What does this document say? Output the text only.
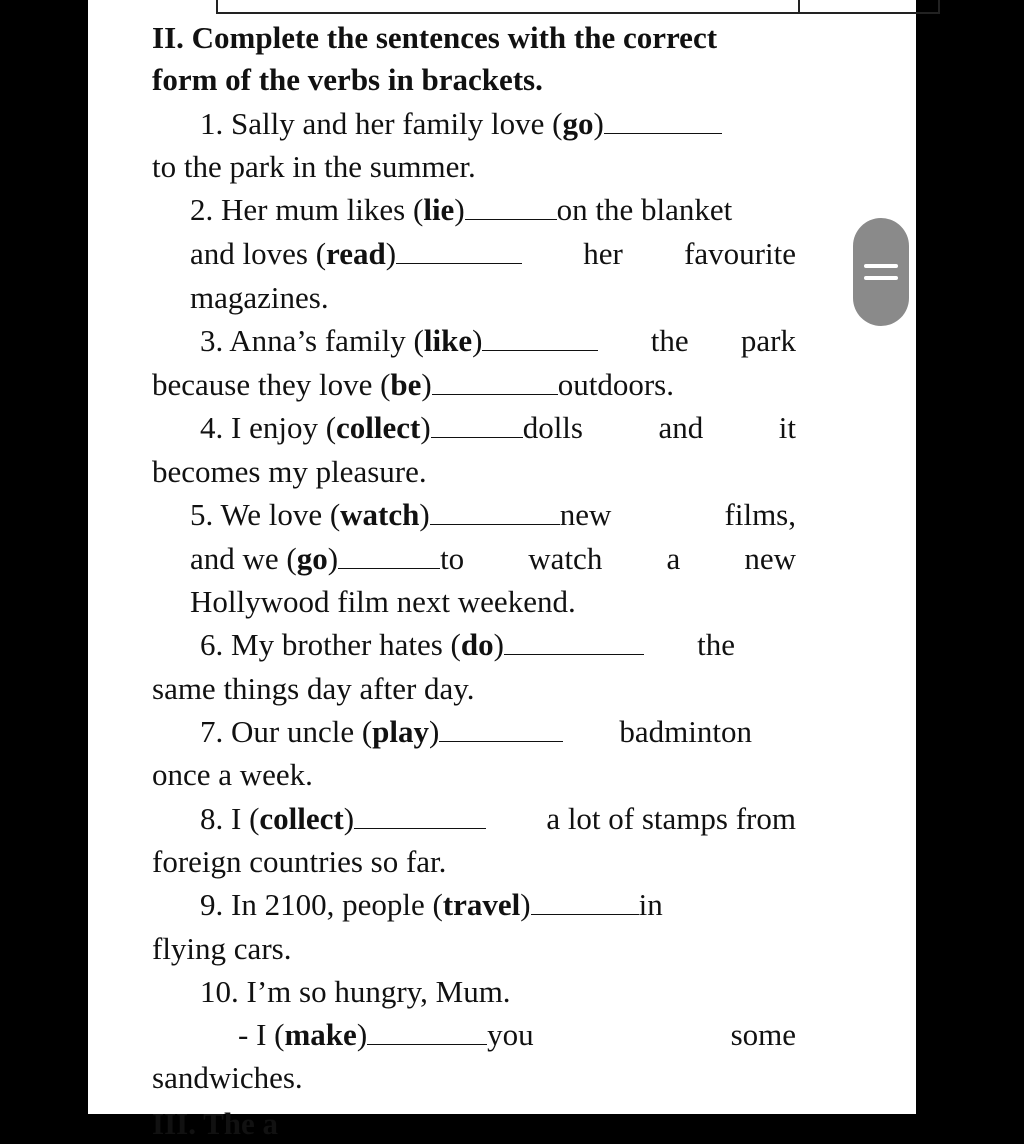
II. Complete the sentences with the correct
form of the verbs in brackets.
1. Sally and her family love (go)
to the park in the summer.
2. Her mum likes (lie)	on the blanket
and loves (read)	her favourite
magazines.
3. Anna’s family (like)	the park
because they love (be)	outdoors.
4. I enjoy (collect)	dolls and it
becomes my pleasure.
5. We love (watch)	new	films,
and we (go)	to watch a new
Hollywood film next weekend.
6. My brother hates (do)	the
same things day after day.
7. Our uncle (play)	badminton
once a week.
8. I (collect)	a lot of stamps from
foreign countries so far.
9. In 2100, people (travel)	in
flying cars.
10. I’m so hungry, Mum.
- I (make)	you	some
sandwiches.
III. The a
